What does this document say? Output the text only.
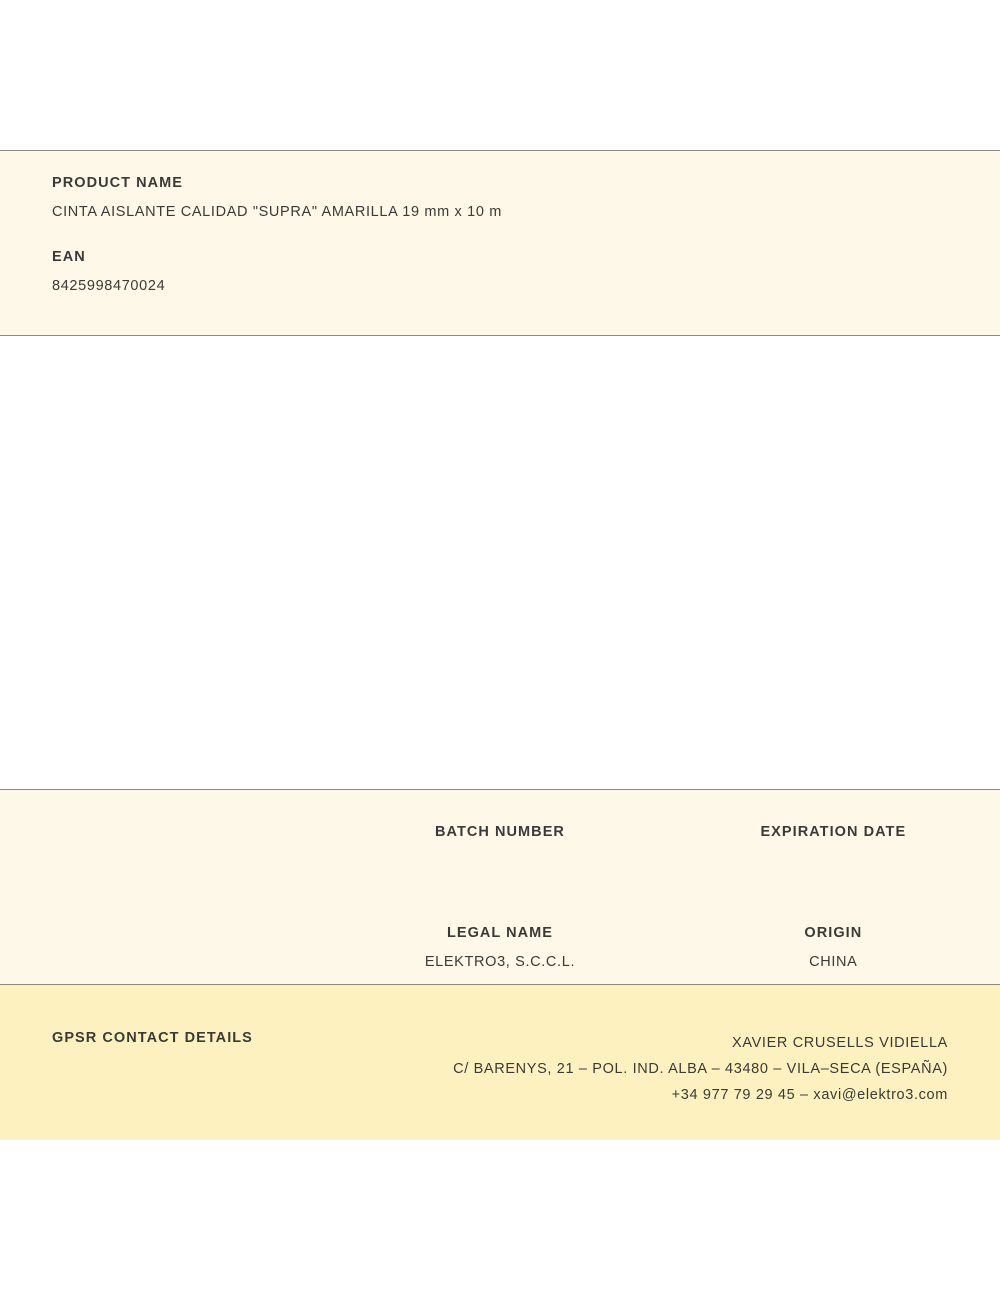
PRODUCT NAME

CINTA AISLANTE CALIDAD "SUPRA" AMARILLA 19 mm x 10 m

EAN

8425998470024

BATCH NUMBER	EXPIRATION DATE

LEGAL NAME

ELEKTRO3, S.C.C.L.

ORIGIN

CHINA

GPSR CONTACT DETAILS	XAVIER CRUSELLS VIDIELLA
C/ BARENYS, 21 – POL. IND. ALBA – 43480 – VILA–SECA (ESPAÑA)
+34 977 79 29 45 – xavi@elektro3.com
